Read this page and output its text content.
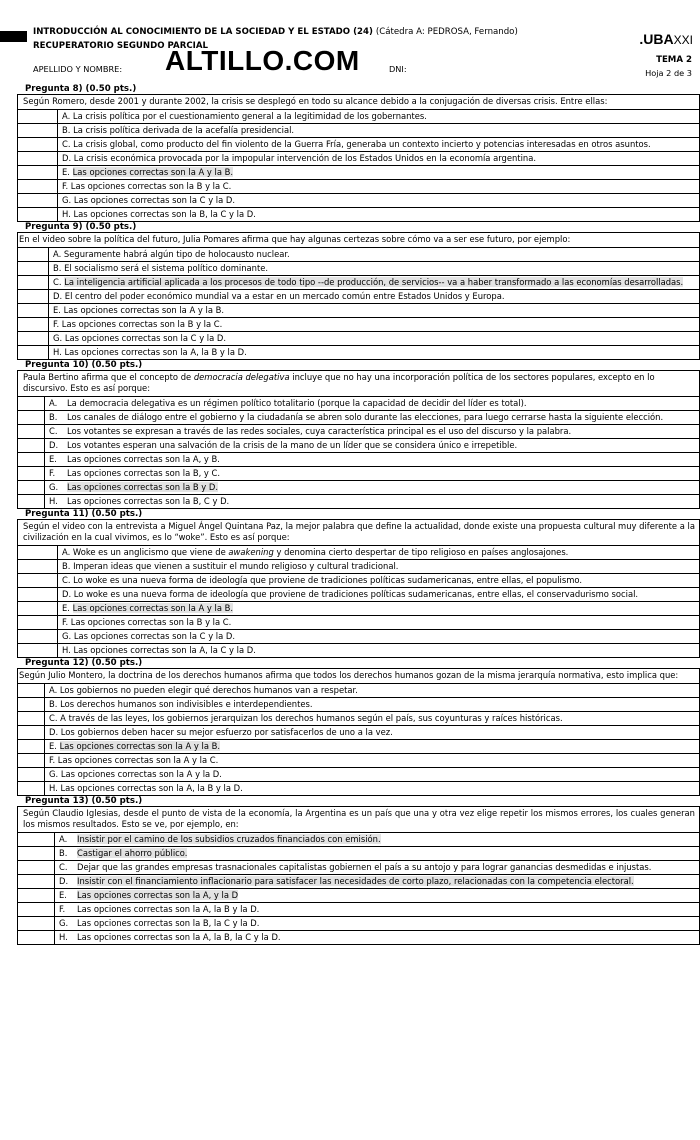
INTRODUCCIÓN AL CONOCIMIENTO DE LA SOCIEDAD Y EL ESTADO (24) (Cátedra A: PEDROSA, Fernando)
RECUPERATORIO SEGUNDO PARCIAL
APELLIDO Y NOMBRE: ALTILLO.COM	DNI:
.UBAXXI
TEMA 2
Hoja 2 de 3
Pregunta 8) (0.50 pts.)
Según Romero, desde 2001 y durante 2002, la crisis se desplegó en todo su alcance debido a la conjugación de diversas crisis. Entre ellas:
A. La crisis política por el cuestionamiento general a la legitimidad de los gobernantes.
B. La crisis política derivada de la acefalía presidencial.
C. La crisis global, como producto del fin violento de la Guerra Fría, generaba un contexto incierto y potencias interesadas en otros asuntos.
D. La crisis económica provocada por la impopular intervención de los Estados Unidos en la economía argentina.
E. Las opciones correctas son la A y la B.
F. Las opciones correctas son la B y la C.
G. Las opciones correctas son la C y la D.
H. Las opciones correctas son la B, la C y la D.
Pregunta 9) (0.50 pts.)
En el video sobre la política del futuro, Julia Pomares afirma que hay algunas certezas sobre cómo va a ser ese futuro, por ejemplo:
A. Seguramente habrá algún tipo de holocausto nuclear.
B. El socialismo será el sistema político dominante.
C. La inteligencia artificial aplicada a los procesos de todo tipo --de producción, de servicios-- va a haber transformado a las economías desarrolladas.
D. El centro del poder económico mundial va a estar en un mercado común entre Estados Unidos y Europa.
E. Las opciones correctas son la A y la B.
F. Las opciones correctas son la B y la C.
G. Las opciones correctas son la C y la D.
H. Las opciones correctas son la A, la B y la D.
Pregunta 10) (0.50 pts.)
Paula Bertino afirma que el concepto de democracia delegativa incluye que no hay una incorporación política de los sectores populares, excepto en lo discursivo. Esto es así porque:
A. La democracia delegativa es un régimen político totalitario (porque la capacidad de decidir del líder es total).
B.	Los canales de diálogo entre el gobierno y la ciudadanía se abren solo durante las elecciones, para luego cerrarse hasta la siguiente elección.
C. Los votantes se expresan a través de las redes sociales, cuya característica principal es el uso del discurso y la palabra.
D. Los votantes esperan una salvación de la crisis de la mano de un líder que se considera único e irrepetible.
E. Las opciones correctas son la A, y B.
F. Las opciones correctas son la B, y C.
G. Las opciones correctas son la B y D.
H. Las opciones correctas son la B, C y D.
Pregunta 11) (0.50 pts.)
Según el video con la entrevista a Miguel Ángel Quintana Paz, la mejor palabra que define la actualidad, donde existe una propuesta cultural muy diferente a la civilización en la cual vivimos, es lo “woke”. Esto es así porque:
A. Woke es un anglicismo que viene de awakening y denomina cierto despertar de tipo religioso en países anglosajones.
B. Imperan ideas que vienen a sustituir el mundo religioso y cultural tradicional.
C. Lo woke es una nueva forma de ideología que proviene de tradiciones políticas sudamericanas, entre ellas, el populismo.
D. Lo woke es una nueva forma de ideología que proviene de tradiciones políticas sudamericanas, entre ellas, el conservadurismo social.
E. Las opciones correctas son la A y la B.
F. Las opciones correctas son la B y la C.
G. Las opciones correctas son la C y la D.
H. Las opciones correctas son la A, la C y la D.
Pregunta 12) (0.50 pts.)
Según Julio Montero, la doctrina de los derechos humanos afirma que todos los derechos humanos gozan de la misma jerarquía normativa, esto implica que:
A. Los gobiernos no pueden elegir qué derechos humanos van a respetar.
B. Los derechos humanos son indivisibles e interdependientes.
C. A través de las leyes, los gobiernos jerarquizan los derechos humanos según el país, sus coyunturas y raíces históricas.
D. Los gobiernos deben hacer su mejor esfuerzo por satisfacerlos de uno a la vez.
E. Las opciones correctas son la A y la B.
F. Las opciones correctas son la A y la C.
G. Las opciones correctas son la A y la D.
H. Las opciones correctas son la A, la B y la D.
Pregunta 13) (0.50 pts.)
Según Claudio Iglesias, desde el punto de vista de la economía, la Argentina es un país que una y otra vez elige repetir los mismos errores, los cuales generan los mismos resultados. Esto se ve, por ejemplo, en:
A. Insistir por el camino de los subsidios cruzados financiados con emisión.
B. Castigar el ahorro público.
C.	Dejar que las grandes empresas trasnacionales capitalistas gobiernen el país a su antojo y para lograr ganancias desmedidas e injustas.
D. Insistir con el financiamiento inflacionario para satisfacer las necesidades de corto plazo, relacionadas con la competencia electoral.
E. Las opciones correctas son la A, y la D
F. Las opciones correctas son la A, la B y la D.
G. Las opciones correctas son la B, la C y la D.
H. Las opciones correctas son la A, la B, la C y la D.
